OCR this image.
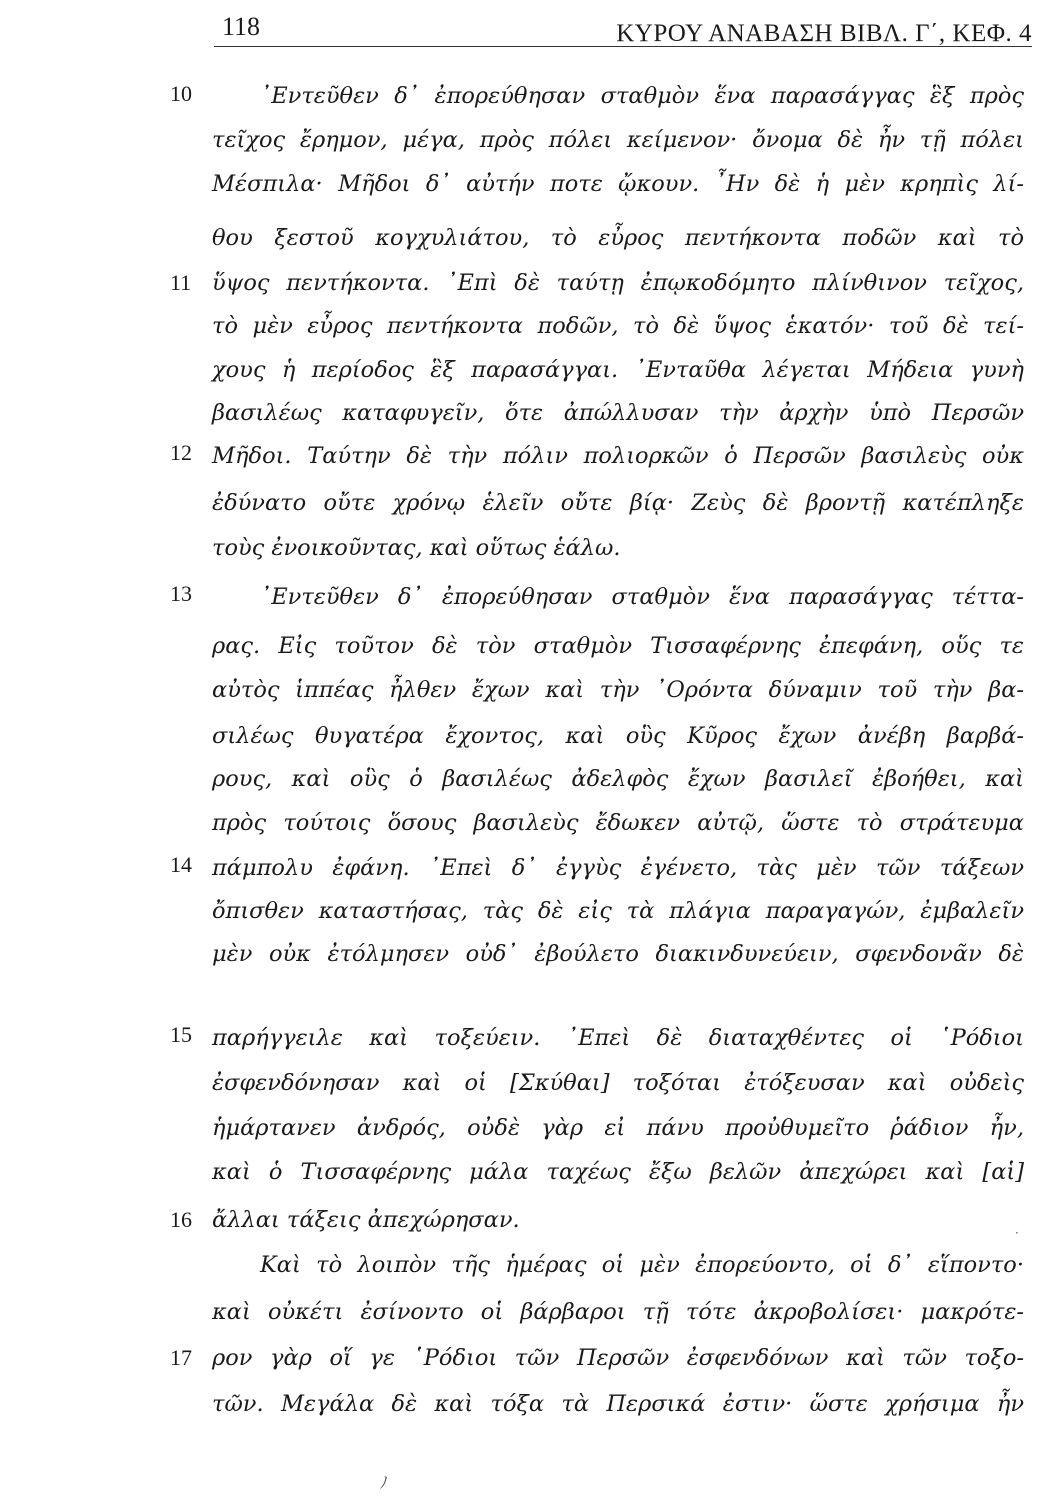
118	ΚΥΡΟΥ ΑΝΑΒΑΣΗ ΒΙΒΛ. Γ΄, ΚΕΦ. 4
10
11
12
13
14
15
16
17
᾿Εντεῦθεν δ᾿ ἐπορεύθησαν σταθμὸν ἕνα παρασάγγας ἓξ πρὸς
τεῖχος ἔρημον, μέγα, πρὸς πόλει κείμενον· ὄνομα δὲ ἦν τῇ πόλει
Μέσπιλα· Μῆδοι δ᾿ αὐτήν ποτε ᾤκουν. ῏Ην δὲ ἡ μὲν κρηπὶς λί-
θου ξεστοῦ κογχυλιάτου, τὸ εὖρος πεντήκοντα ποδῶν καὶ τὸ
ὕψος πεντήκοντα. ᾿Επὶ δὲ ταύτῃ ἐπῳκοδόμητο πλίνθινον τεῖχος,
τὸ μὲν εὖρος πεντήκοντα ποδῶν, τὸ δὲ ὕψος ἑκατόν· τοῦ δὲ τεί-
χους ἡ περίοδος ἓξ παρασάγγαι. ᾿Ενταῦθα λέγεται Μήδεια γυνὴ
βασιλέως καταφυγεῖν, ὅτε ἀπώλλυσαν τὴν ἀρχὴν ὑπὸ Περσῶν
Μῆδοι. Ταύτην δὲ τὴν πόλιν πολιορκῶν ὁ Περσῶν βασιλεὺς οὐκ
ἐδύνατο οὔτε χρόνῳ ἑλεῖν οὔτε βίᾳ· Ζεὺς δὲ βροντῇ κατέπληξε
τοὺς ἐνοικοῦντας, καὶ οὕτως ἑάλω.
᾿Εντεῦθεν δ᾿ ἐπορεύθησαν σταθμὸν ἕνα παρασάγγας τέττα-
ρας. Εἰς τοῦτον δὲ τὸν σταθμὸν Τισσαφέρνης ἐπεφάνη, οὕς τε
αὐτὸς ἱππέας ἦλθεν ἔχων καὶ τὴν ᾿Ορόντα δύναμιν τοῦ τὴν βα-
σιλέως θυγατέρα ἔχοντος, καὶ οὓς Κῦρος ἔχων ἀνέβη βαρβά-
ρους, καὶ οὓς ὁ βασιλέως ἀδελφὸς ἔχων βασιλεῖ ἐβοήθει, καὶ
πρὸς τούτοις ὅσους βασιλεὺς ἔδωκεν αὐτῷ, ὥστε τὸ στράτευμα
πάμπολυ ἐφάνη. ᾿Επεὶ δ᾿ ἐγγὺς ἐγένετο, τὰς μὲν τῶν τάξεων
ὄπισθεν καταστήσας, τὰς δὲ εἰς τὰ πλάγια παραγαγών, ἐμβαλεῖν
μὲν οὐκ ἐτόλμησεν οὐδ᾿ ἐβούλετο διακινδυνεύειν, σφενδονᾶν δὲ
παρήγγειλε καὶ τοξεύειν. ᾿Επεὶ δὲ διαταχθέντες οἱ ῾Ρόδιοι
ἐσφενδόνησαν καὶ οἱ [Σκύθαι] τοξόται ἐτόξευσαν καὶ οὐδεὶς
ἡμάρτανεν ἀνδρός, οὐδὲ γὰρ εἰ πάνυ προὐθυμεῖτο ῥάδιον ἦν,
καὶ ὁ Τισσαφέρνης μάλα ταχέως ἔξω βελῶν ἀπεχώρει καὶ [αἱ]
ἄλλαι τάξεις ἀπεχώρησαν.
Καὶ τὸ λοιπὸν τῆς ἡμέρας οἱ μὲν ἐπορεύοντο, οἱ δ᾿ εἵποντο·
καὶ οὐκέτι ἐσίνοντο οἱ βάρβαροι τῇ τότε ἀκροβολίσει· μακρότε-
ρον γὰρ οἵ γε ῾Ρόδιοι τῶν Περσῶν ἐσφενδόνων καὶ τῶν τοξο-
τῶν. Μεγάλα δὲ καὶ τόξα τὰ Περσικά ἐστιν· ὥστε χρήσιμα ἦν
·
ﾉ
